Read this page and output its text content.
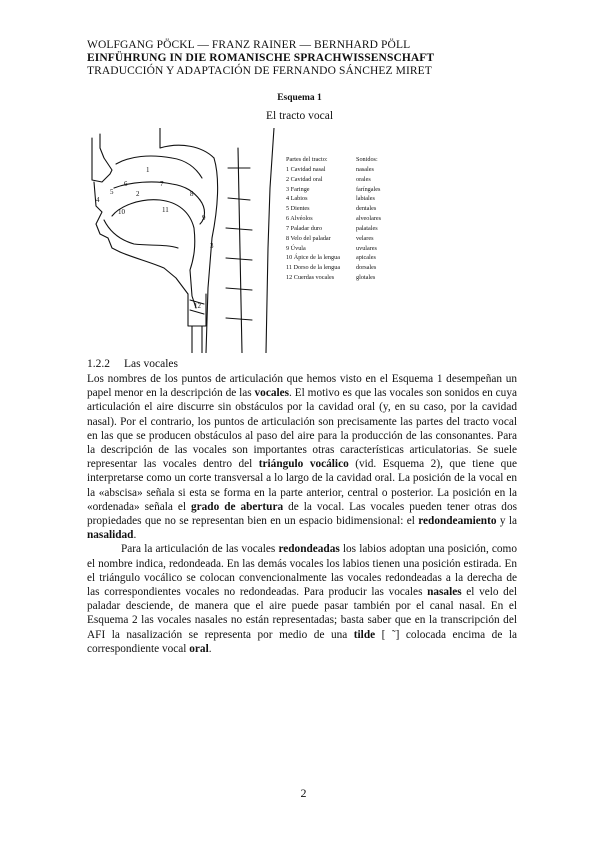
WOLFGANG PÖCKL — FRANZ RAINER — BERNHARD PÖLL
EINFÜHRUNG IN DIE ROMANISCHE SPRACHWISSENSCHAFT
TRADUCCIÓN Y ADAPTACIÓN DE FERNANDO SÁNCHEZ MIRET
Esquema 1
El tracto vocal
1
2
3
4
5
6	7
8
9
10	11
12
Partes del tracto:	Sonidos:
1 Cavidad nasal	nasales
2 Cavidad oral	orales
3 Faringe	faríngales
4 Labios	labiales
5 Dientes	dentales
6 Alvéolos	alveolares
7 Paladar duro	palatales
8 Velo del paladar	velares
9 Úvula	uvulares
10 Ápice de la lengua	apicales
11 Dorso de la lengua	dorsales
12 Cuerdas vocales	glotales
1.2.2 Las vocales

Los nombres de los puntos de articulación que hemos visto en el Esquema 1 desempeñan un papel menor en la descripción de las vocales. El motivo es que las vocales son sonidos en cuya articulación el aire discurre sin obstáculos por la cavidad oral (y, en su caso, por la cavidad nasal). Por el contrario, los puntos de articulación son precisamente las partes del tracto vocal en las que se producen obstáculos al paso del aire para la producción de las consonantes. Para la descripción de las vocales son importantes otras características articulatorias. Se suele representar las vocales dentro del triángulo vocálico (vid. Esquema 2), que tiene que interpretarse como un corte transversal a lo largo de la cavidad oral. La posición de la vocal en la «abscisa» señala si esta se forma en la parte anterior, central o posterior. La posición en la «ordenada» señala el grado de abertura de la vocal. Las vocales pueden tener otras dos propiedades que no se representan bien en un espacio bidimensional: el redondeamiento y la nasalidad.

Para la articulación de las vocales redondeadas los labios adoptan una posición, como el nombre indica, redondeada. En las demás vocales los labios tienen una posición estirada. En el triángulo vocálico se colocan convencionalmente las vocales redondeadas a la derecha de las correspondientes vocales no redondeadas. Para producir las vocales nasales el velo del paladar desciende, de manera que el aire puede pasar también por el canal nasal. En el Esquema 2 las vocales nasales no están representadas; basta saber que en la transcripción del AFI la nasalización se representa por medio de una tilde [ ˜] colocada encima de la correspondiente vocal oral.

2
